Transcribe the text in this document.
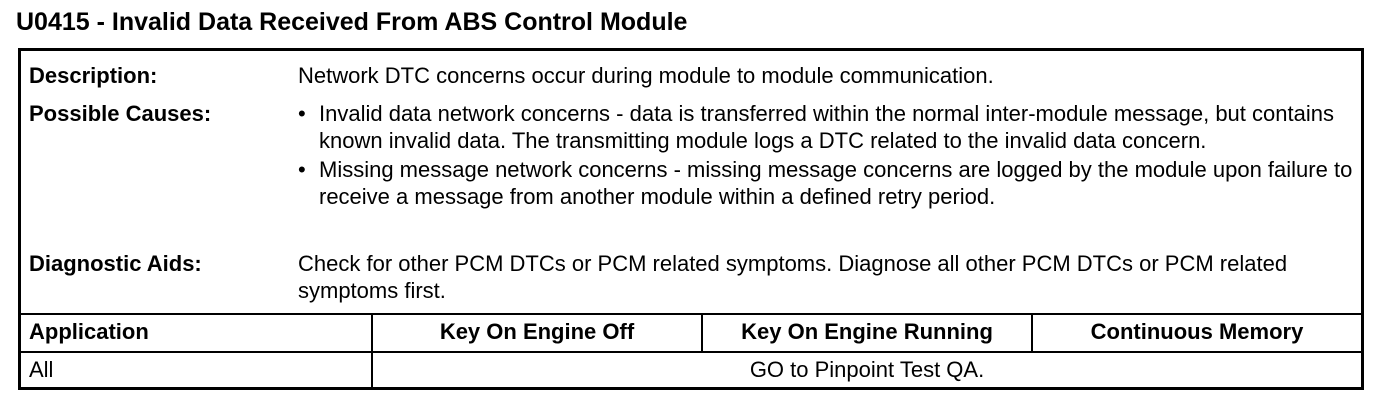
U0415 - Invalid Data Received From ABS Control Module
Description:	Network DTC concerns occur during module to module communication.
Possible Causes:	• Invalid data network concerns - data is transferred within the normal inter-module message, but contains known invalid data. The transmitting module logs a DTC related to the invalid data concern.
• Missing message network concerns - missing message concerns are logged by the module upon failure to receive a message from another module within a defined retry period.
Diagnostic Aids:	Check for other PCM DTCs or PCM related symptoms. Diagnose all other PCM DTCs or PCM related symptoms first.
Application	Key On Engine Off	Key On Engine Running	Continuous Memory
All	GO to Pinpoint Test QA.
